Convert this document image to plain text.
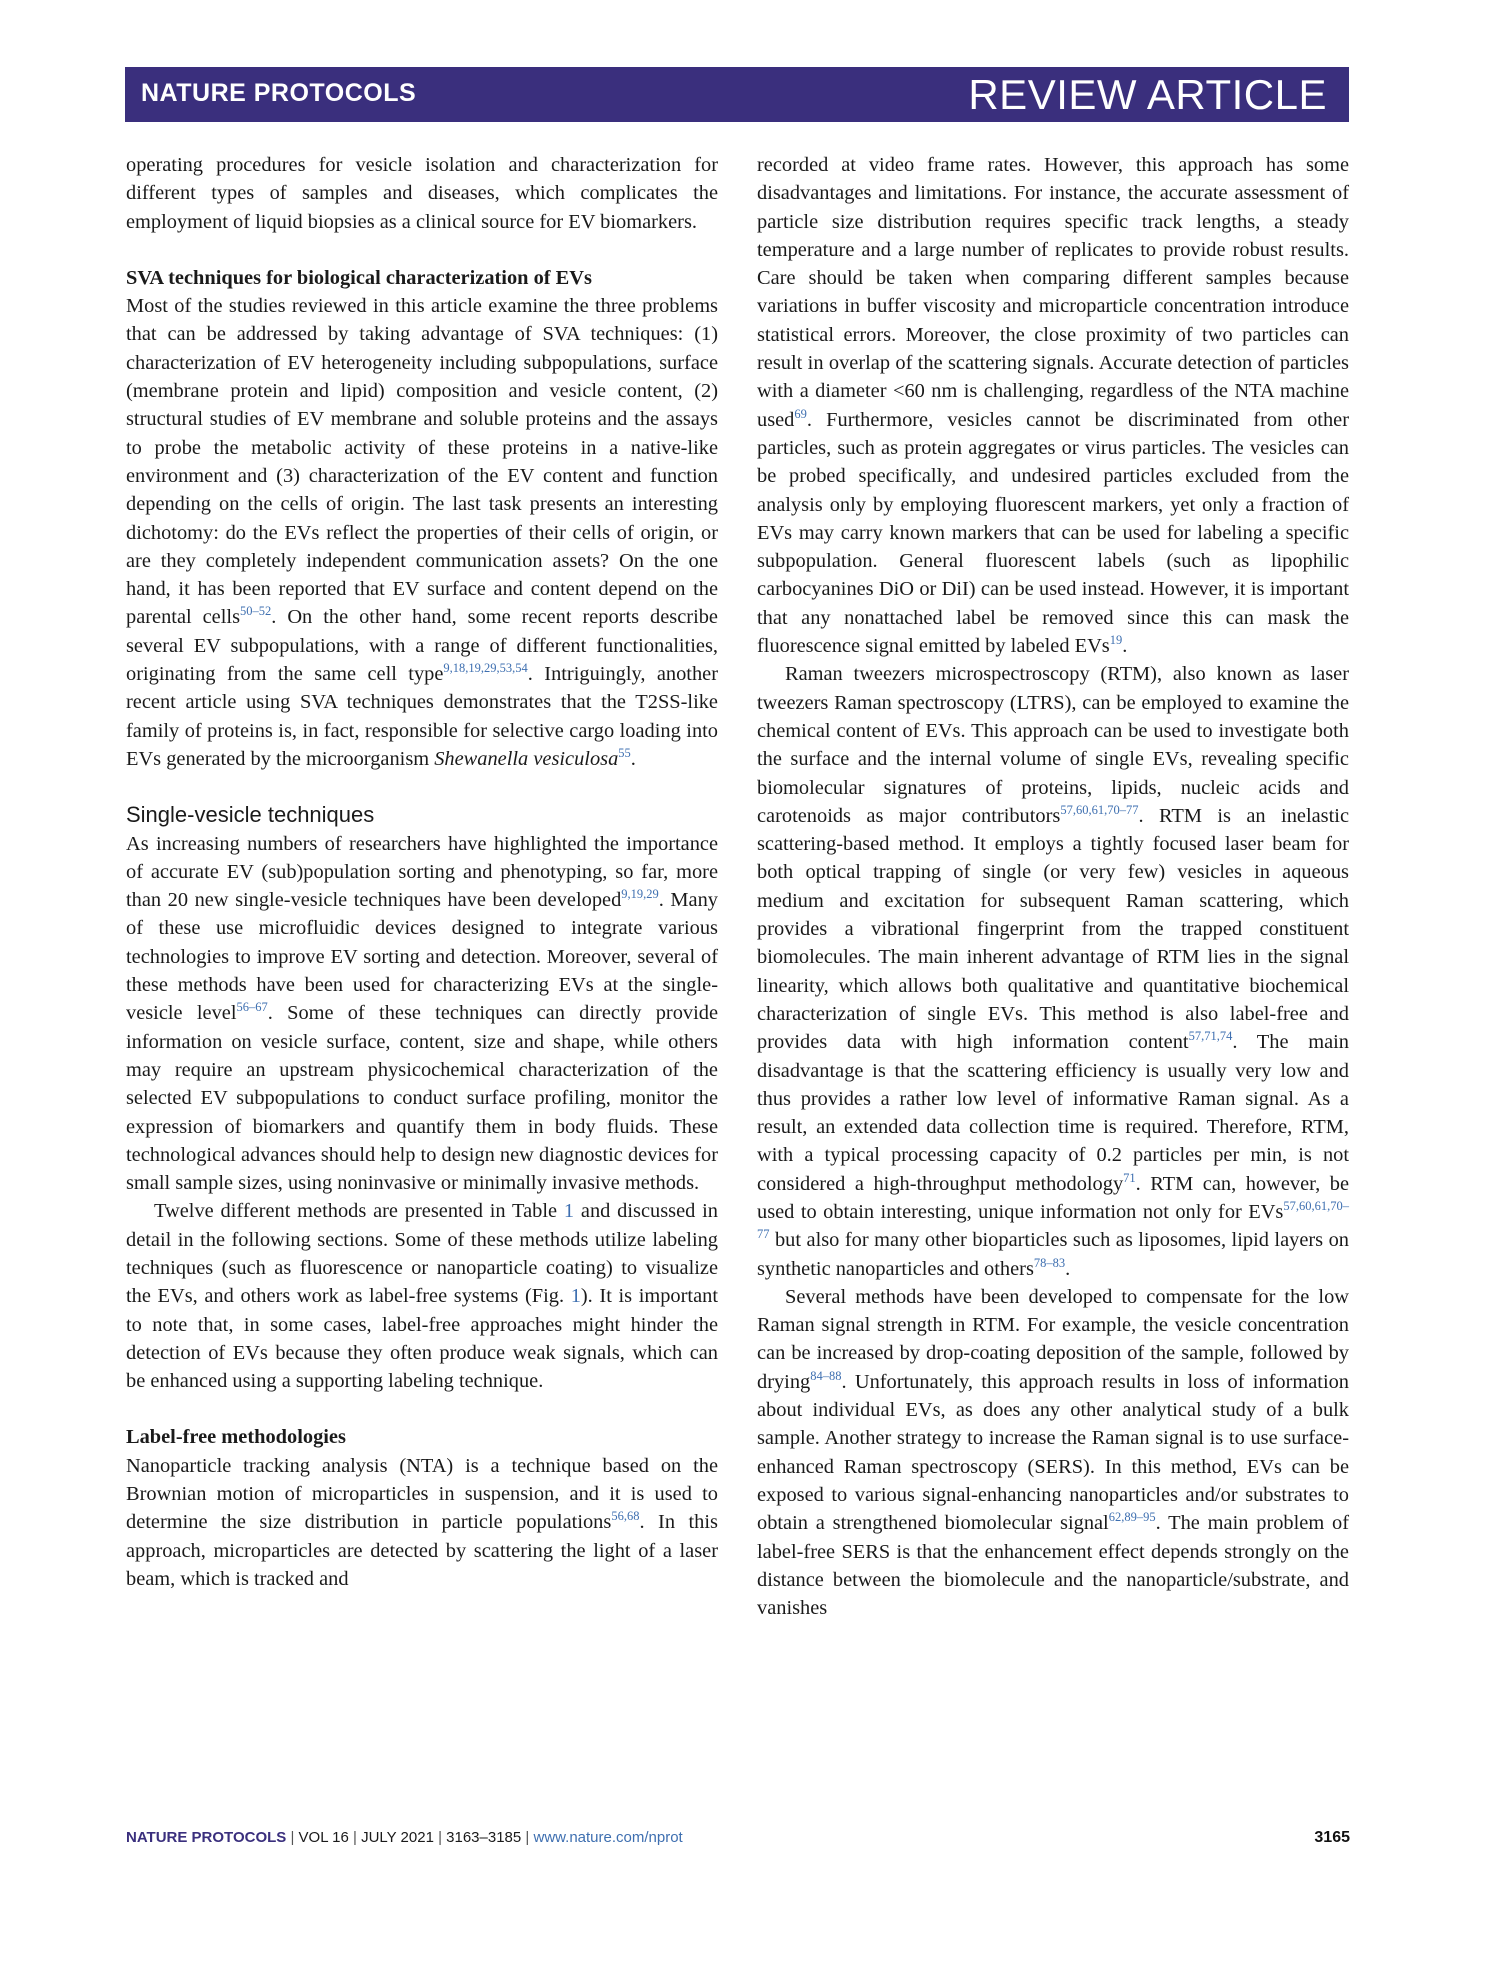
NATURE PROTOCOLS	REVIEW ARTICLE

operating procedures for vesicle isolation and characterization for different types of samples and diseases, which complicates the employment of liquid biopsies as a clinical source for EV biomarkers.

SVA techniques for biological characterization of EVs

Most of the studies reviewed in this article examine the three problems that can be addressed by taking advantage of SVA techniques: (1) characterization of EV heterogeneity including subpopulations, surface (membrane protein and lipid) composition and vesicle content, (2) structural studies of EV membrane and soluble proteins and the assays to probe the metabolic activity of these proteins in a native-like environment and (3) characterization of the EV content and function depending on the cells of origin. The last task presents an interesting dichotomy: do the EVs reflect the properties of their cells of origin, or are they completely independent communication assets? On the one hand, it has been reported that EV surface and content depend on the parental cells$^{50-52}$. On the other hand, some recent reports describe several EV subpopulations, with a range of different functionalities, originating from the same cell type$^{9,18,19,29,53,54}$. Intriguingly, another recent article using SVA techniques demonstrates that the T2SS-like family of proteins is, in fact, responsible for selective cargo loading into EVs generated by the microorganism Shewanella vesiculosa$^{55}$.

Single-vesicle techniques

As increasing numbers of researchers have highlighted the importance of accurate EV (sub)population sorting and phenotyping, so far, more than 20 new single-vesicle techniques have been developed$^{9,19,29}$. Many of these use microfluidic devices designed to integrate various technologies to improve EV sorting and detection. Moreover, several of these methods have been used for characterizing EVs at the single-vesicle level$^{56-67}$. Some of these techniques can directly provide information on vesicle surface, content, size and shape, while others may require an upstream physicochemical characterization of the selected EV subpopulations to conduct surface profiling, monitor the expression of biomarkers and quantify them in body fluids. These technological advances should help to design new diagnostic devices for small sample sizes, using noninvasive or minimally invasive methods.

Twelve different methods are presented in Table 1 and discussed in detail in the following sections. Some of these methods utilize labeling techniques (such as fluorescence or nanoparticle coating) to visualize the EVs, and others work as label-free systems (Fig. 1). It is important to note that, in some cases, label-free approaches might hinder the detection of EVs because they often produce weak signals, which can be enhanced using a supporting labeling technique.

Label-free methodologies

Nanoparticle tracking analysis (NTA) is a technique based on the Brownian motion of microparticles in suspension, and it is used to determine the size distribution in particle populations$^{56,68}$. In this approach, microparticles are detected by scattering the light of a laser beam, which is tracked and

recorded at video frame rates. However, this approach has some disadvantages and limitations. For instance, the accurate assessment of particle size distribution requires specific track lengths, a steady temperature and a large number of replicates to provide robust results. Care should be taken when comparing different samples because variations in buffer viscosity and microparticle concentration introduce statistical errors. Moreover, the close proximity of two particles can result in overlap of the scattering signals. Accurate detection of particles with a diameter <60 nm is challenging, regardless of the NTA machine used$^{69}$. Furthermore, vesicles cannot be discriminated from other particles, such as protein aggregates or virus particles. The vesicles can be probed specifically, and undesired particles excluded from the analysis only by employing fluorescent markers, yet only a fraction of EVs may carry known markers that can be used for labeling a specific subpopulation. General fluorescent labels (such as lipophilic carbocyanines DiO or DiI) can be used instead. However, it is important that any nonattached label be removed since this can mask the fluorescence signal emitted by labeled EVs$^{19}$.

Raman tweezers microspectroscopy (RTM), also known as laser tweezers Raman spectroscopy (LTRS), can be employed to examine the chemical content of EVs. This approach can be used to investigate both the surface and the internal volume of single EVs, revealing specific biomolecular signatures of proteins, lipids, nucleic acids and carotenoids as major contributors$^{57,60,61,70-77}$. RTM is an inelastic scattering-based method. It employs a tightly focused laser beam for both optical trapping of single (or very few) vesicles in aqueous medium and excitation for subsequent Raman scattering, which provides a vibrational fingerprint from the trapped constituent biomolecules. The main inherent advantage of RTM lies in the signal linearity, which allows both qualitative and quantitative biochemical characterization of single EVs. This method is also label-free and provides data with high information content$^{57,71,74}$. The main disadvantage is that the scattering efficiency is usually very low and thus provides a rather low level of informative Raman signal. As a result, an extended data collection time is required. Therefore, RTM, with a typical processing capacity of 0.2 particles per min, is not considered a high-throughput methodology$^{71}$. RTM can, however, be used to obtain interesting, unique information not only for EVs$^{57,60,61,70-77}$ but also for many other bioparticles such as liposomes, lipid layers on synthetic nanoparticles and others$^{78-83}$.

Several methods have been developed to compensate for the low Raman signal strength in RTM. For example, the vesicle concentration can be increased by drop-coating deposition of the sample, followed by drying$^{84-88}$. Unfortunately, this approach results in loss of information about individual EVs, as does any other analytical study of a bulk sample. Another strategy to increase the Raman signal is to use surface-enhanced Raman spectroscopy (SERS). In this method, EVs can be exposed to various signal-enhancing nanoparticles and/or substrates to obtain a strengthened biomolecular signal$^{62,89-95}$. The main problem of label-free SERS is that the enhancement effect depends strongly on the distance between the biomolecule and the nanoparticle/substrate, and vanishes

NATURE PROTOCOLS | VOL 16 | JULY 2021 | 3163–3185 | www.nature.com/nprot	3165
